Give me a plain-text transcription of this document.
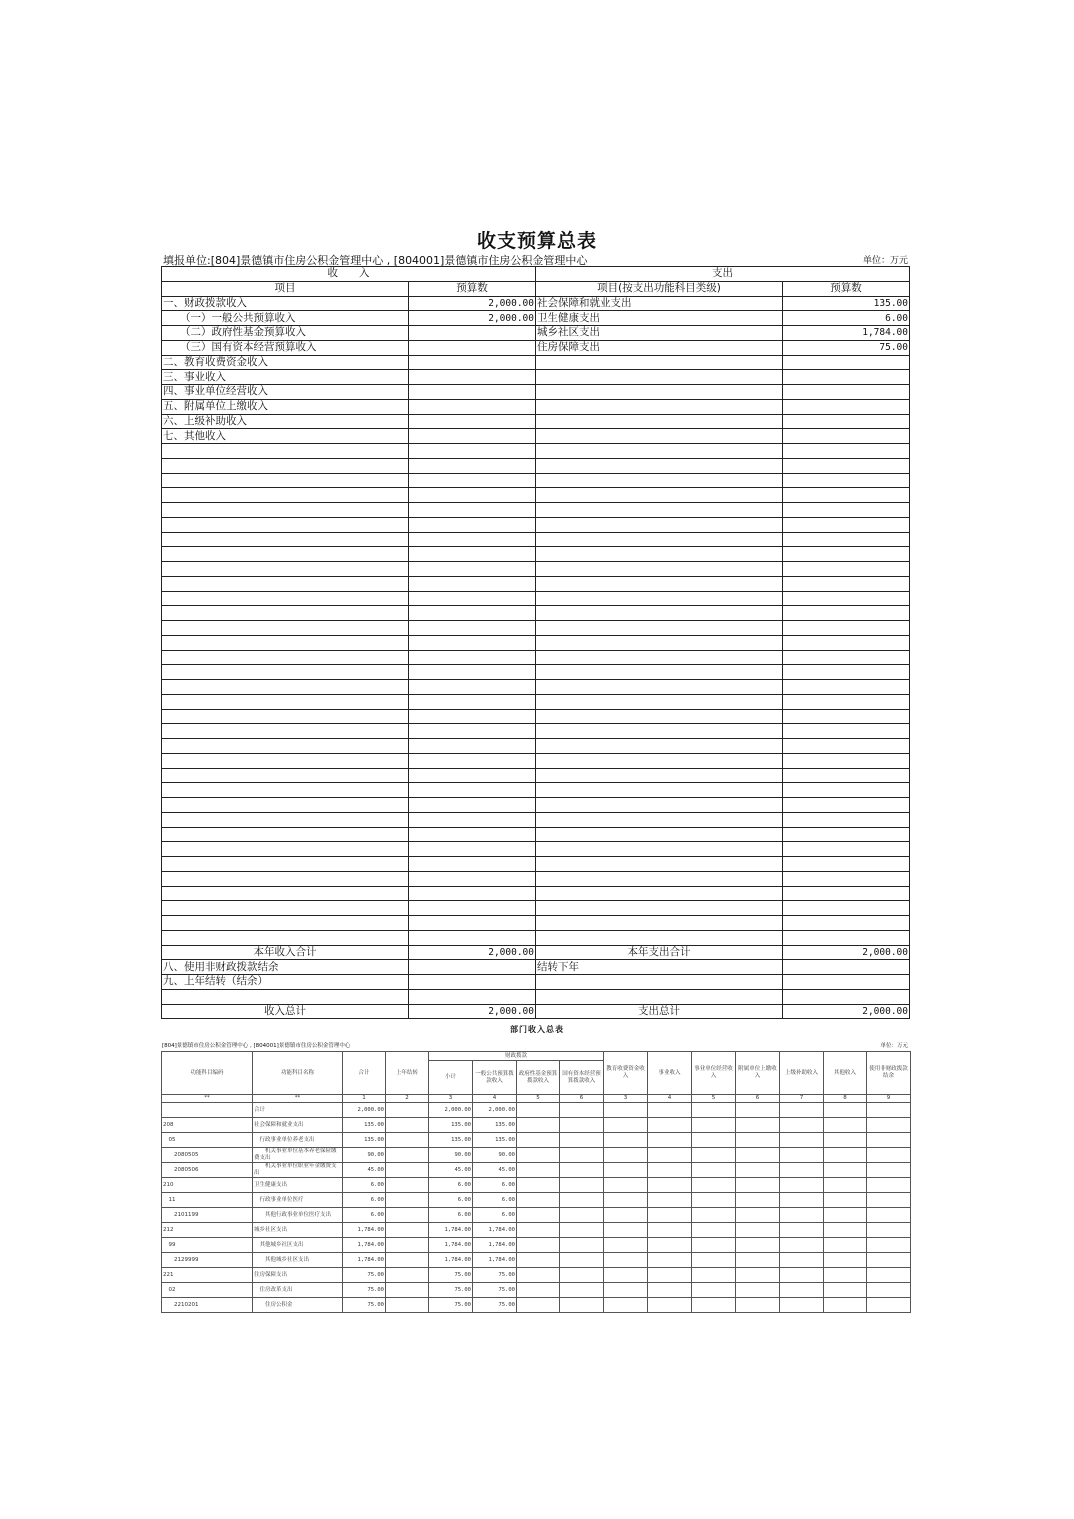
收支预算总表
填报单位:[804]景德镇市住房公积金管理中心 , [804001]景德镇市住房公积金管理中心	单位：万元
收　　入		支出	
项目	预算数	项目(按支出功能科目类级)	预算数
一、财政拨款收入	2,000.00	社会保障和就业支出	135.00
（一）一般公共预算收入	2,000.00	卫生健康支出	6.00
（二）政府性基金预算收入		城乡社区支出	1,784.00
（三）国有资本经营预算收入		住房保障支出	75.00
二、教育收费资金收入			
三、事业收入			
四、事业单位经营收入			
五、附属单位上缴收入			
六、上级补助收入			
七、其他收入			

本年收入合计	2,000.00	本年支出合计	2,000.00
八、使用非财政拨款结余		结转下年	
九、上年结转（结余）			

收入总计	2,000.00	支出总计	2,000.00
部门收入总表
[804]景德镇市住房公积金管理中心 , [804001]景德镇市住房公积金管理中心	单位：万元
功能科目编码	功能科目名称	合计	上年结转	财政拨款				教育收费资金收入	事业收入	事业单位经营收入	附属单位上缴收入	上级补助收入	其他收入	使用非财政拨款结余
				小计	一般公共预算拨款收入	政府性基金预算拨款收入	国有资本经营预算拨款收入							
**	**	1	2	3	4	5	6	3	4	5	6	7	8	9
	合计	2,000.00		2,000.00	2,000.00									
208	社会保障和就业支出	135.00		135.00	135.00									
　05	　行政事业单位养老支出	135.00		135.00	135.00									
　　2080505	　　机关事业单位基本养老保险缴费支出	90.00		90.00	90.00									
　　2080506	　　机关事业单位职业年金缴费支出	45.00		45.00	45.00									
210	卫生健康支出	6.00		6.00	6.00									
　11	　行政事业单位医疗	6.00		6.00	6.00									
　　2101199	　　其他行政事业单位医疗支出	6.00		6.00	6.00									
212	城乡社区支出	1,784.00		1,784.00	1,784.00									
　99	　其他城乡社区支出	1,784.00		1,784.00	1,784.00									
　　2129999	　　其他城乡社区支出	1,784.00		1,784.00	1,784.00									
221	住房保障支出	75.00		75.00	75.00									
　02	　住房改革支出	75.00		75.00	75.00									
　　2210201	　　住房公积金	75.00		75.00	75.00									
